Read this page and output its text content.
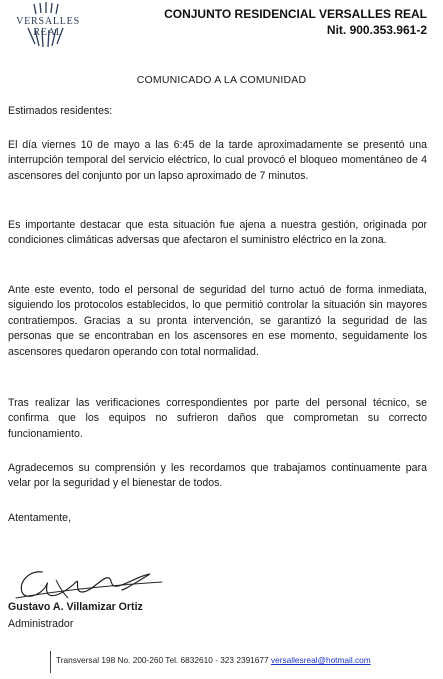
VERSALLES REAL
CONJUNTO RESIDENCIAL VERSALLES REAL
Nit. 900.353.961-2
COMUNICADO A LA COMUNIDAD

Estimados residentes:

El día viernes 10 de mayo a las 6:45 de la tarde aproximadamente se presentó una interrupción temporal del servicio eléctrico, lo cual provocó el bloqueo momentáneo de 4 ascensores del conjunto por un lapso aproximado de 7 minutos.

Es importante destacar que esta situación fue ajena a nuestra gestión, originada por condiciones climáticas adversas que afectaron el suministro eléctrico en la zona.

Ante este evento, todo el personal de seguridad del turno actuó de forma inmediata, siguiendo los protocolos establecidos, lo que permitió controlar la situación sin mayores contratiempos. Gracias a su pronta intervención, se garantizó la seguridad de las personas que se encontraban en los ascensores en ese momento, seguidamente los ascensores quedaron operando con total normalidad.

Tras realizar las verificaciones correspondientes por parte del personal técnico, se confirma que los equipos no sufrieron daños que comprometan su correcto funcionamiento.

Agradecemos su comprensión y les recordamos que trabajamos continuamente para velar por la seguridad y el bienestar de todos.

Atentamente,

Gustavo A. Villamizar Ortiz
Administrador
Transversal 198 No. 200-260 Tel. 6832610 - 323 2391677 versallesreal@hotmail.com
